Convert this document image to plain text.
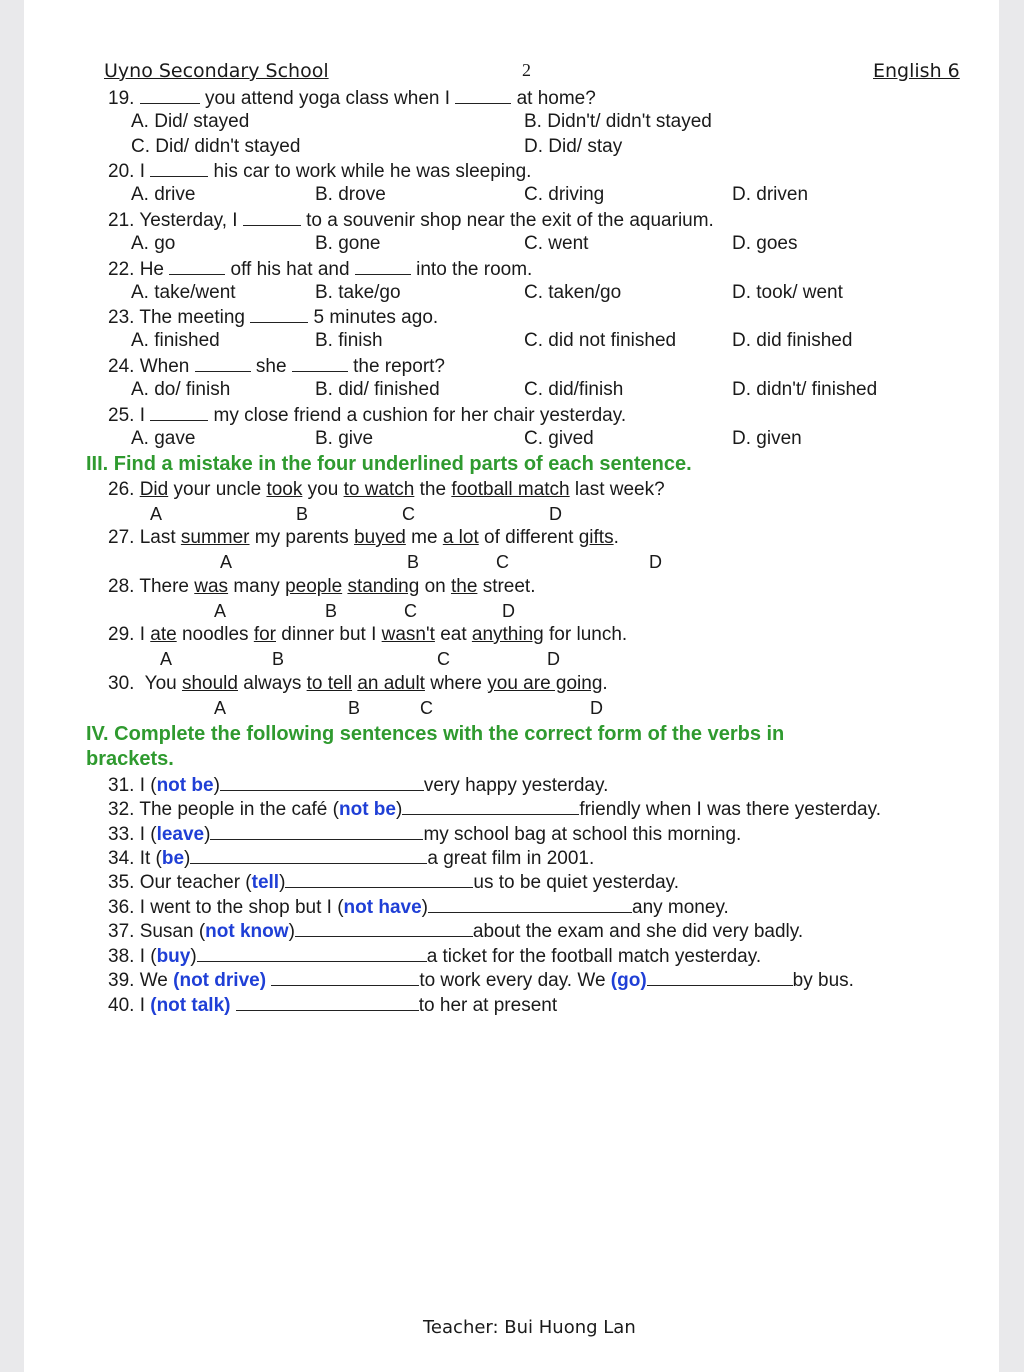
Uyno Secondary School	2	English 6
19.	you attend yoga class when I	at home?
A. Did/ stayed	B. Didn't/ didn't stayed
C. Did/ didn't stayed	D. Did/ stay
20. I	his car to work while he was sleeping.
A. drive	B. drove	C. driving	D. driven
21. Yesterday, I	to a souvenir shop near the exit of the aquarium.
A. go	B. gone	C. went	D. goes
22. He	off his hat and	into the room.
A. take/went	B. take/go	C. taken/go	D. took/ went
23. The meeting	5 minutes ago.
A. finished	B. finish	C. did not finished	D. did finished
24. When	she	the report?
A. do/ finish	B. did/ finished	C. did/finish	D. didn't/ finished
25. I	my close friend a cushion for her chair yesterday.
A. gave	B. give	C. gived	D. given
III. Find a mistake in the four underlined parts of each sentence.
26. Did your uncle took you to watch the football match last week?
A	B	C	D
27. Last summer my parents buyed me a lot of different gifts.
A	B	C	D
28. There was many people standing on the street.
A	B	C	D
29. I ate noodles for dinner but I wasn't eat anything for lunch.
A	B	C	D
30. You should always to tell an adult where you are going.
A	B	C	D
IV. Complete the following sentences with the correct form of the verbs in
brackets.
31. I (not be)	very happy yesterday.
32. The people in the café (not be)	friendly when I was there yesterday.
33. I (leave)	my school bag at school this morning.
34. It (be)	a great film in 2001.
35. Our teacher (tell)	us to be quiet yesterday.
36. I went to the shop but I (not have)	any money.
37. Susan (not know)	about the exam and she did very badly.
38. I (buy)	a ticket for the football match yesterday.
39. We (not drive)	to work every day. We (go)	by bus.
40. I (not talk)	to her at present
Teacher: Bui Huong Lan
